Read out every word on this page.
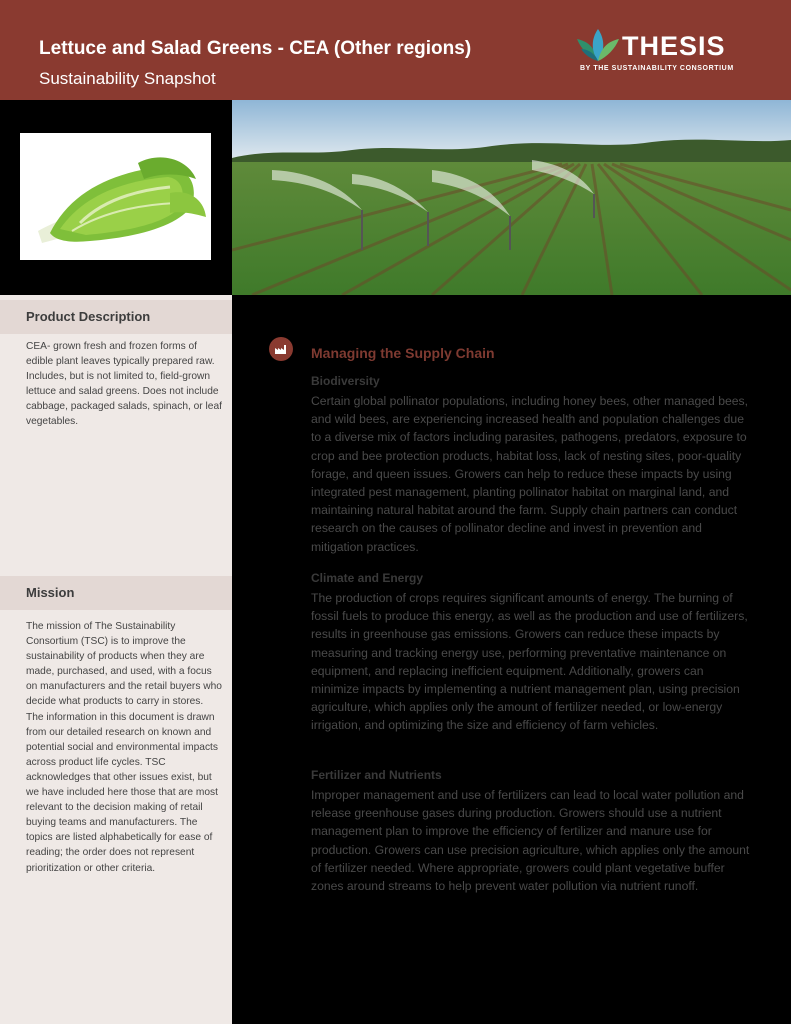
Lettuce and Salad Greens - CEA (Other regions)
Sustainability Snapshot
THESIS
BY THE SUSTAINABILITY CONSORTIUM
Product Description
CEA- grown fresh and frozen forms of edible plant leaves typically prepared raw. Includes, but is not limited to, field-grown lettuce and salad greens. Does not include cabbage, packaged salads, spinach, or leaf vegetables.
Mission
The mission of The Sustainability Consortium (TSC) is to improve the sustainability of products when they are made, purchased, and used, with a focus on manufacturers and the retail buyers who decide what products to carry in stores. The information in this document is drawn from our detailed research on known and potential social and environmental impacts across product life cycles. TSC acknowledges that other issues exist, but we have included here those that are most relevant to the decision making of retail buying teams and manufacturers. The topics are listed alphabetically for ease of reading; the order does not represent prioritization or other criteria.
Managing the Supply Chain
Biodiversity
Certain global pollinator populations, including honey bees, other managed bees, and wild bees, are experiencing increased health and population challenges due to a diverse mix of factors including parasites, pathogens, predators, exposure to crop and bee protection products, habitat loss, lack of nesting sites, poor-quality forage, and queen issues. Growers can help to reduce these impacts by using integrated pest management, planting pollinator habitat on marginal land, and maintaining natural habitat around the farm. Supply chain partners can conduct research on the causes of pollinator decline and invest in prevention and mitigation practices.
Climate and Energy
The production of crops requires significant amounts of energy. The burning of fossil fuels to produce this energy, as well as the production and use of fertilizers, results in greenhouse gas emissions. Growers can reduce these impacts by measuring and tracking energy use, performing preventative maintenance on equipment, and replacing inefficient equipment. Additionally, growers can minimize impacts by implementing a nutrient management plan, using precision agriculture, which applies only the amount of fertilizer needed, or low-energy irrigation, and optimizing the size and efficiency of farm vehicles.
Fertilizer and Nutrients
Improper management and use of fertilizers can lead to local water pollution and release greenhouse gases during production. Growers should use a nutrient management plan to improve the efficiency of fertilizer and manure use for production. Growers can use precision agriculture, which applies only the amount of fertilizer needed. Where appropriate, growers could plant vegetative buffer zones around streams to help prevent water pollution via nutrient runoff.
